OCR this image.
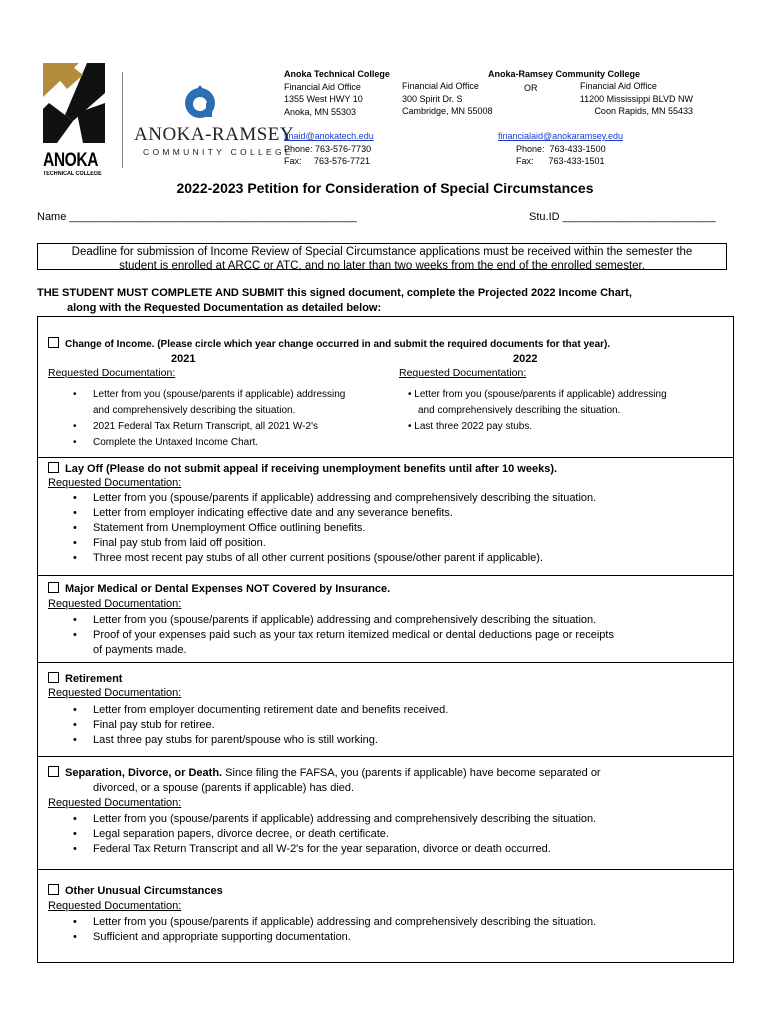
ANOKA
TECHNICAL COLLEGE
ANOKA-RAMSEY
COMMUNITY COLLEGE
Anoka Technical College
Financial Aid Office
1355 West HWY 10
Anoka, MN 55303
finaid@anokatech.edu
Phone: 763-576-7730
Fax:     763-576-7721
Anoka-Ramsey Community College
Financial Aid Office
300 Spirit Dr. S
Cambridge, MN 55008
OR	Financial Aid Office
11200 Mississippi BLVD NW
Coon Rapids, MN 55433
financialaid@anokaramsey.edu
Phone:  763-433-1500
Fax:      763-433-1501
2022-2023 Petition for Consideration of Special Circumstances
Name _______________________________________________	Stu.ID _________________________
Deadline for submission of Income Review of Special Circumstance applications must be received within the semester the
student is enrolled at ARCC or ATC, and no later than two weeks from the end of the enrolled semester.
THE STUDENT MUST COMPLETE AND SUBMIT this signed document, complete the Projected 2022 Income Chart,
along with the Requested Documentation as detailed below:
Change of Income. (Please circle which year change occurred in and submit the required documents for that year).
2021	2022
Requested Documentation:	Requested Documentation:
• Letter from you (spouse/parents if applicable) addressing
and comprehensively describing the situation.
• 2021 Federal Tax Return Transcript, all 2021 W-2's
• Complete the Untaxed Income Chart.
• Letter from you (spouse/parents if applicable) addressing
and comprehensively describing the situation.
• Last three 2022 pay stubs.
Lay Off (Please do not submit appeal if receiving unemployment benefits until after 10 weeks).
Requested Documentation:
• Letter from you (spouse/parents if applicable) addressing and comprehensively describing the situation.
• Letter from employer indicating effective date and any severance benefits.
• Statement from Unemployment Office outlining benefits.
• Final pay stub from laid off position.
• Three most recent pay stubs of all other current positions (spouse/other parent if applicable).
Major Medical or Dental Expenses NOT Covered by Insurance.
Requested Documentation:
• Letter from you (spouse/parents if applicable) addressing and comprehensively describing the situation.
• Proof of your expenses paid such as your tax return itemized medical or dental deductions page or receipts
of payments made.
Retirement
Requested Documentation:
• Letter from employer documenting retirement date and benefits received.
• Final pay stub for retiree.
• Last three pay stubs for parent/spouse who is still working.
Separation, Divorce, or Death. Since filing the FAFSA, you (parents if applicable) have become separated or
divorced, or a spouse (parents if applicable) has died.
Requested Documentation:
• Letter from you (spouse/parents if applicable) addressing and comprehensively describing the situation.
• Legal separation papers, divorce decree, or death certificate.
• Federal Tax Return Transcript and all W-2's for the year separation, divorce or death occurred.
Other Unusual Circumstances
Requested Documentation:
• Letter from you (spouse/parents if applicable) addressing and comprehensively describing the situation.
• Sufficient and appropriate supporting documentation.
